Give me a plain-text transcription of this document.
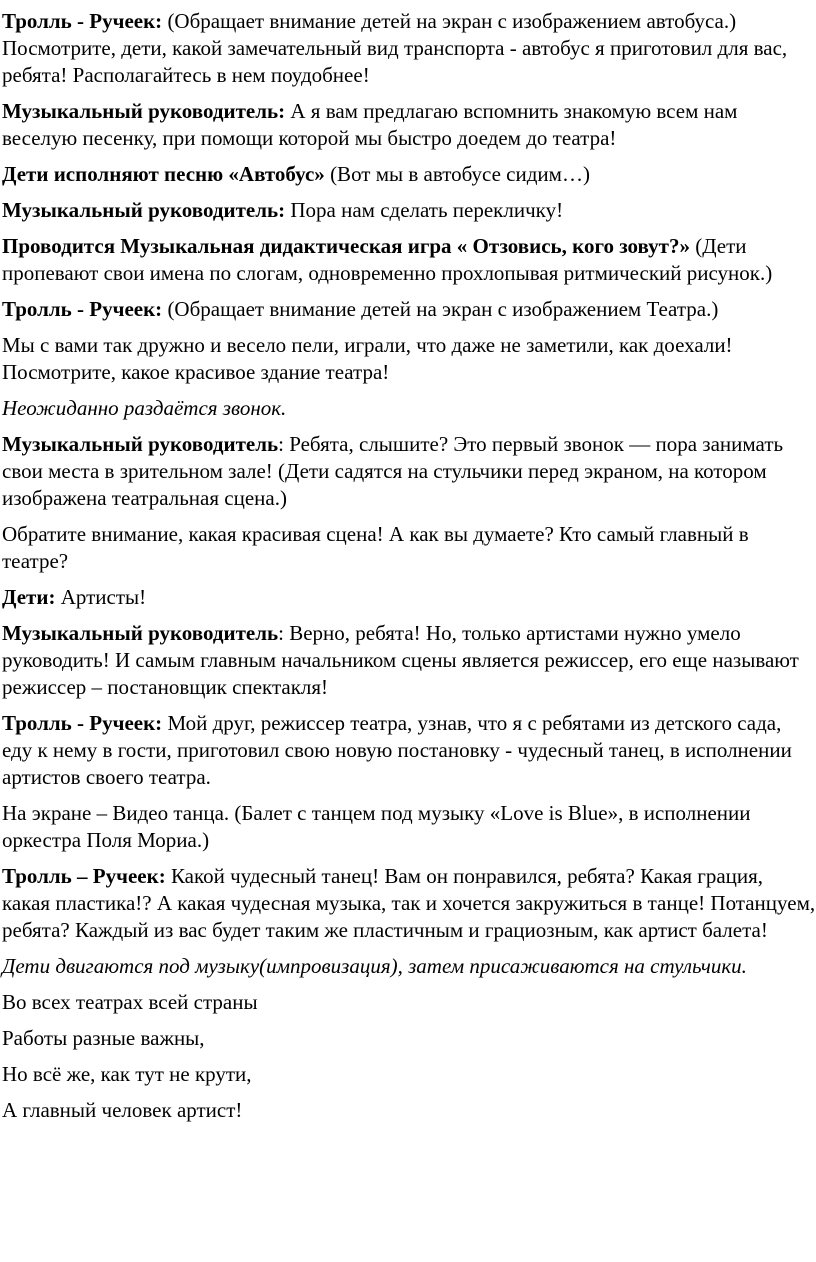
Тролль - Ручеек: (Обращает внимание детей на экран с изображением автобуса.) Посмотрите, дети, какой замечательный вид транспорта - автобус я приготовил для вас, ребята! Располагайтесь в нем поудобнее!

Музыкальный руководитель: А я вам предлагаю вспомнить знакомую всем нам веселую песенку, при помощи которой мы быстро доедем до театра!

Дети исполняют песню «Автобус» (Вот мы в автобусе сидим…)

Музыкальный руководитель: Пора нам сделать перекличку!

Проводится Музыкальная дидактическая игра « Отзовись, кого зовут?» (Дети пропевают свои имена по слогам, одновременно прохлопывая ритмический рисунок.)

Тролль - Ручеек: (Обращает внимание детей на экран с изображением Театра.)

Мы с вами так дружно и весело пели, играли, что даже не заметили, как доехали! Посмотрите, какое красивое здание театра!

Неожиданно раздаётся звонок.

Музыкальный руководитель: Ребята, слышите? Это первый звонок — пора занимать свои места в зрительном зале! (Дети садятся на стульчики перед экраном, на котором изображена театральная сцена.)

Обратите внимание, какая красивая сцена! А как вы думаете? Кто самый главный в театре?

Дети: Артисты!

Музыкальный руководитель: Верно, ребята! Но, только артистами нужно умело руководить! И самым главным начальником сцены является режиссер, его еще называют режиссер – постановщик спектакля!

Тролль - Ручеек: Мой друг, режиссер театра, узнав, что я с ребятами из детского сада, еду к нему в гости, приготовил свою новую постановку - чудесный танец, в исполнении артистов своего театра.

На экране – Видео танца. (Балет с танцем под музыку «Love is Blue», в исполнении оркестра Поля Мориа.)

Тролль – Ручеек: Какой чудесный танец! Вам он понравился, ребята? Какая грация, какая пластика!? А какая чудесная музыка, так и хочется закружиться в танце! Потанцуем, ребята? Каждый из вас будет таким же пластичным и грациозным, как артист балета!

Дети двигаются под музыку(импровизация), затем присаживаются на стульчики.

Во всех театрах всей страны

Работы разные важны,

Но всё же, как тут не крути,

А главный человек артист!
